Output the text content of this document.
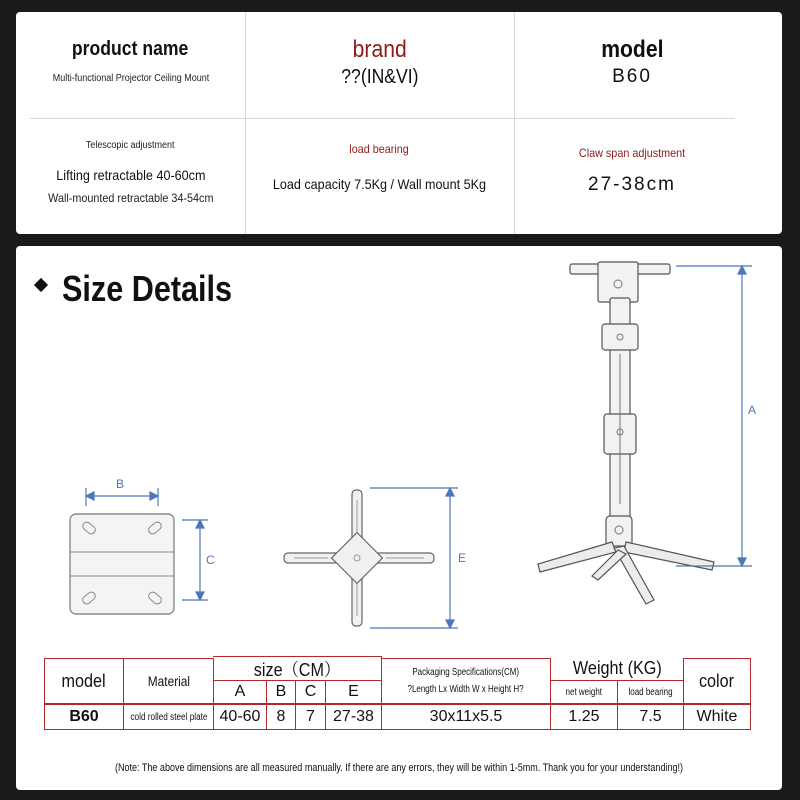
product name
Multi-functional Projector Ceiling Mount
brand
??(IN&VI)
model
B60
Telescopic adjustment
Lifting retractable 40-60cm
Wall-mounted retractable 34-54cm
load bearing
Load capacity 7.5Kg / Wall mount 5Kg
Claw span adjustment
27-38cm
Size Details
B
C	E
A
model
B60
Material
cold rolled steel plate
size（CM）
A B C E
40-60 8 7 27-38
Packaging Specifications(CM)
?Length Lx Width W x Height H?
30x11x5.5
Weight (KG)
net weight	load bearing
1.25 7.5
color
White
(Note: The above dimensions are all measured manually. If there are any errors, they will be within 1-5mm. Thank you for your understanding!)
